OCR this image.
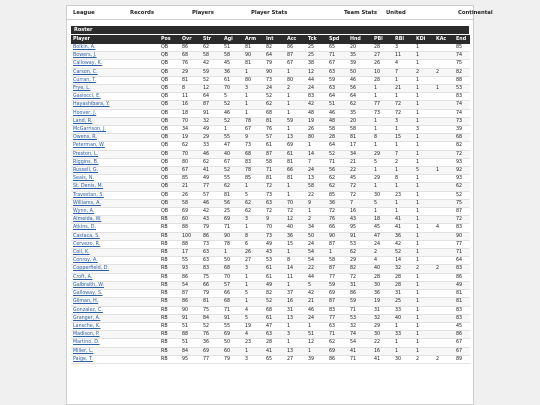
League	Records	Players	Player Stats	Team Stats	United	Continental
Roster
Player	Pos	Ovr	Str	Agi	Arm	Int	Acc	Tck	Spd	Hnd	PBl	RBl	KDi	KAc	End
Bolkin, A.	QB	86	62	51	81	82	86	25	65	20	28	3	1		85
Bowers, J.	QB	68	58	58	90	64	87	25	71	35	27	11	1		74
Calloway, K.	QB	76	42	45	81	79	67	38	67	39	26	4	1		75
Carson, C.	QB	29	59	36	1	90	1	12	63	50	10	7	2	2	82
Curran, T.	QB	81	52	61	80	73	80	44	59	46	28	1	1		88
Frye, L.	QB	8	12	70	3	24	2	24	63	56	1	21	1	1	53
Gasiocci, E.	QB	11	64	5	1	52	1	83	64	64	1	1	1		83
Hayashibara, Y.	QB	16	87	52	1	62	1	42	51	62	77	72	1		74
Hoover, J.	QB	18	91	46	1	68	1	48	46	35	73	72	1		74
Land, R.	QB	70	32	52	78	81	59	19	48	20	1	3	1		73
McGarrison, J.	QB	34	49	1	67	76	1	26	58	58	1	1	3		39
Owens, R.	QB	19	29	55	9	57	13	80	28	81	8	15	1		68
Peterman, W.	QB	62	33	47	73	61	69	1	64	17	1	1	1		82
Preston, L.	QB	70	46	40	68	87	61	14	52	34	29	7	1		72
Riggins, B.	QB	80	62	67	83	58	81	7	71	21	5	2	1		93
Russell, G.	QB	67	41	52	78	71	66	24	56	22	1	1	5	1	92
Seals, N.	QB	85	49	55	85	81	81	13	62	45	29	8	1		93
St. Denis, M.	QB	21	77	62	1	72	1	58	62	72	1	1	1		62
Travestan, S.	QB	26	57	81	5	73	1	22	85	72	30	23	1		52
Williams, A.	QB	58	46	56	62	63	70	9	36	7	5	1	1		75
Wynn, A.	QB	69	42	25	62	72	72	1	72	16	1	1	1		87
Almeida, W.	RB	60	43	69	3	9	12	2	76	43	18	41	1		72
Atkins, D.	RB	88	79	71	1	70	40	34	66	95	45	41	1	4	83
Castaca, S.	RB	100	86	90	8	73	36	50	90	91	47	36	1		90
Cervezo, R.	RB	88	73	78	6	49	15	24	87	53	24	42	1		77
Coil, K.	RB	17	63	1	26	43	1	54	1	62	2	52	1		71
Conroy, A.	RB	55	63	50	27	53	8	54	58	29	4	14	1		64
Copperfield, D.	RB	93	83	68	3	61	14	22	87	82	40	32	2	2	83
Croft, A.	RB	86	75	70	1	61	11	44	77	72	28	28	1		86
Galbraith, W.	RB	54	66	57	1	49	1	5	59	31	30	28	1		49
Galloway, S.	RB	87	79	66	5	82	37	42	69	86	36	31	1		81
Gilman, H.	RB	86	81	68	1	52	16	21	87	59	19	25	1		81
Gonzalez, C.	RB	90	75	71	4	68	31	46	83	71	31	33	1		83
Granger, A.	RB	91	84	91	5	61	13	24	77	53	32	40	1		83
Lansche, K.	RB	51	52	55	19	47	1	1	63	32	29	1	1		45
Madison, P.	RB	88	76	69	4	63	3	51	71	74	30	33	1		86
Martino, D.	RB	51	36	50	23	28	1	12	62	54	22	1	1		67
Miller, L.	RB	84	69	60	1	41	13	1	69	41	16	1	1		67
Paige, T.	RB	95	77	79	3	65	27	39	86	71	41	30	2	2	89
